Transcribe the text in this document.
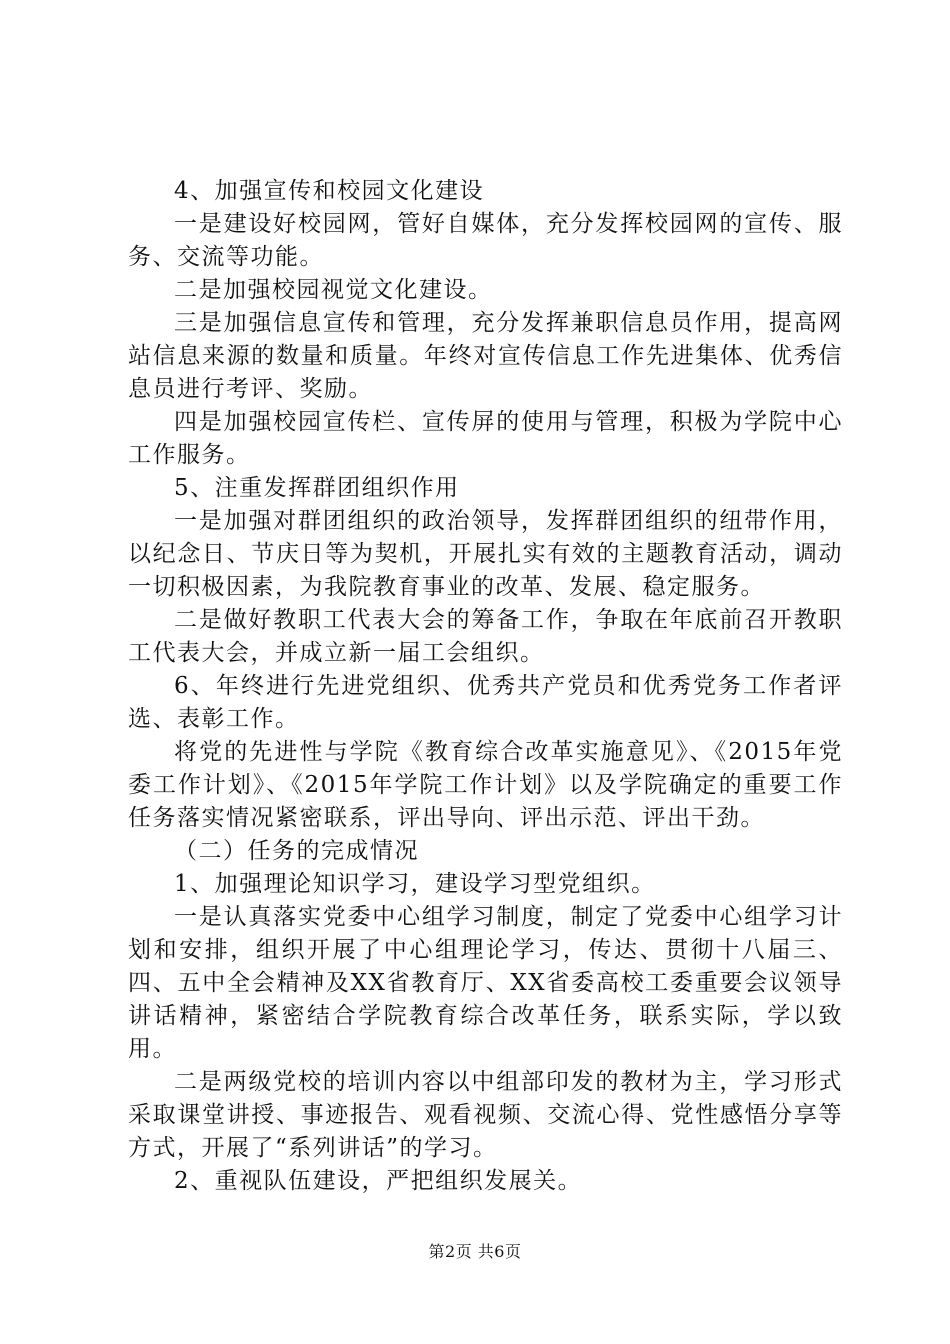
4、加强宣传和校园文化建设

一是建设好校园网，管好自媒体，充分发挥校园网的宣传、服务、交流等功能。

二是加强校园视觉文化建设。

三是加强信息宣传和管理，充分发挥兼职信息员作用，提高网站信息来源的数量和质量。年终对宣传信息工作先进集体、优秀信息员进行考评、奖励。

四是加强校园宣传栏、宣传屏的使用与管理，积极为学院中心工作服务。

5、注重发挥群团组织作用

一是加强对群团组织的政治领导，发挥群团组织的纽带作用，以纪念日、节庆日等为契机，开展扎实有效的主题教育活动，调动一切积极因素，为我院教育事业的改革、发展、稳定服务。

二是做好教职工代表大会的筹备工作，争取在年底前召开教职工代表大会，并成立新一届工会组织。

6、年终进行先进党组织、优秀共产党员和优秀党务工作者评选、表彰工作。

将党的先进性与学院《教育综合改革实施意见》、《2015年党委工作计划》、《2015年学院工作计划》以及学院确定的重要工作任务落实情况紧密联系，评出导向、评出示范、评出干劲。

（二）任务的完成情况

1、加强理论知识学习，建设学习型党组织。

一是认真落实党委中心组学习制度，制定了党委中心组学习计划和安排，组织开展了中心组理论学习，传达、贯彻十八届三、四、五中全会精神及XX省教育厅、XX省委高校工委重要会议领导讲话精神，紧密结合学院教育综合改革任务，联系实际，学以致用。

二是两级党校的培训内容以中组部印发的教材为主，学习形式采取课堂讲授、事迹报告、观看视频、交流心得、党性感悟分享等方式，开展了“系列讲话”的学习。

2、重视队伍建设，严把组织发展关。

第2页 共6页
